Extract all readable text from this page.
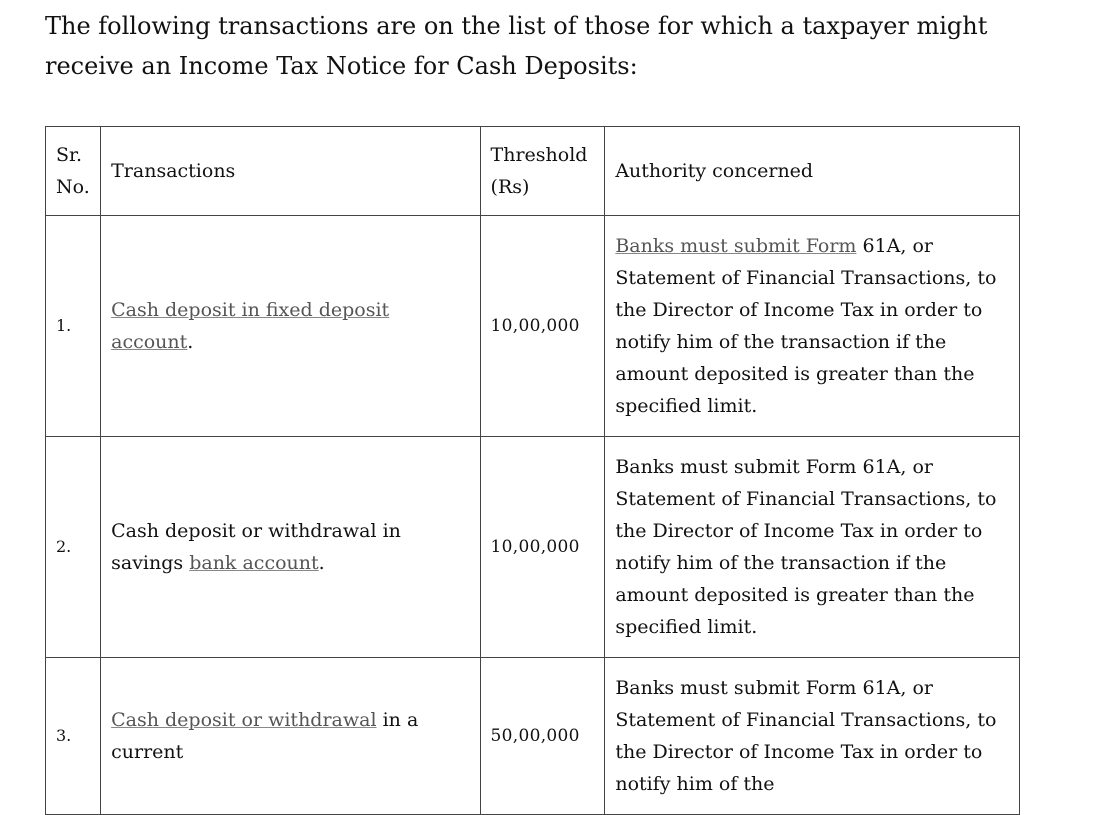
The following transactions are on the list of those for which a taxpayer might receive an Income Tax Notice for Cash Deposits:

Sr. No.	Transactions	Threshold (Rs)	Authority concerned
1.	Cash deposit in fixed deposit account.	10,00,000	Banks must submit Form 61A, or Statement of Financial Transactions, to the Director of Income Tax in order to notify him of the transaction if the amount deposited is greater than the specified limit.
2.	Cash deposit or withdrawal in savings bank account.	10,00,000	Banks must submit Form 61A, or Statement of Financial Transactions, to the Director of Income Tax in order to notify him of the transaction if the amount deposited is greater than the specified limit.
3.	Cash deposit or withdrawal in a current	50,00,000	Banks must submit Form 61A, or Statement of Financial Transactions, to the Director of Income Tax in order to notify him of the
